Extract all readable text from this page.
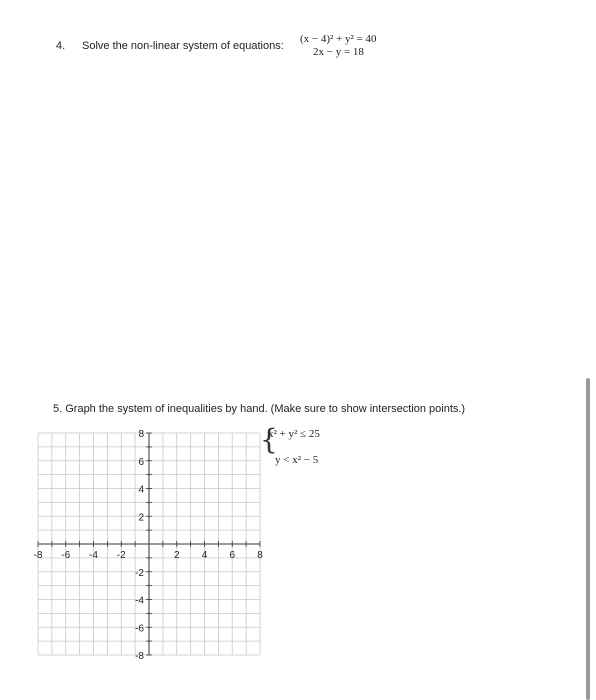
4. Solve the non-linear system of equations:
(x − 4)² + y² = 40
2x − y = 18
5. Graph the system of inequalities by hand. (Make sure to show intersection points.)
{
x² + y² ≤ 25
y < x² − 5
-8 -6 -4 -2	2 4 6 8
8
6
4
2
-2
-4
-6
-8
